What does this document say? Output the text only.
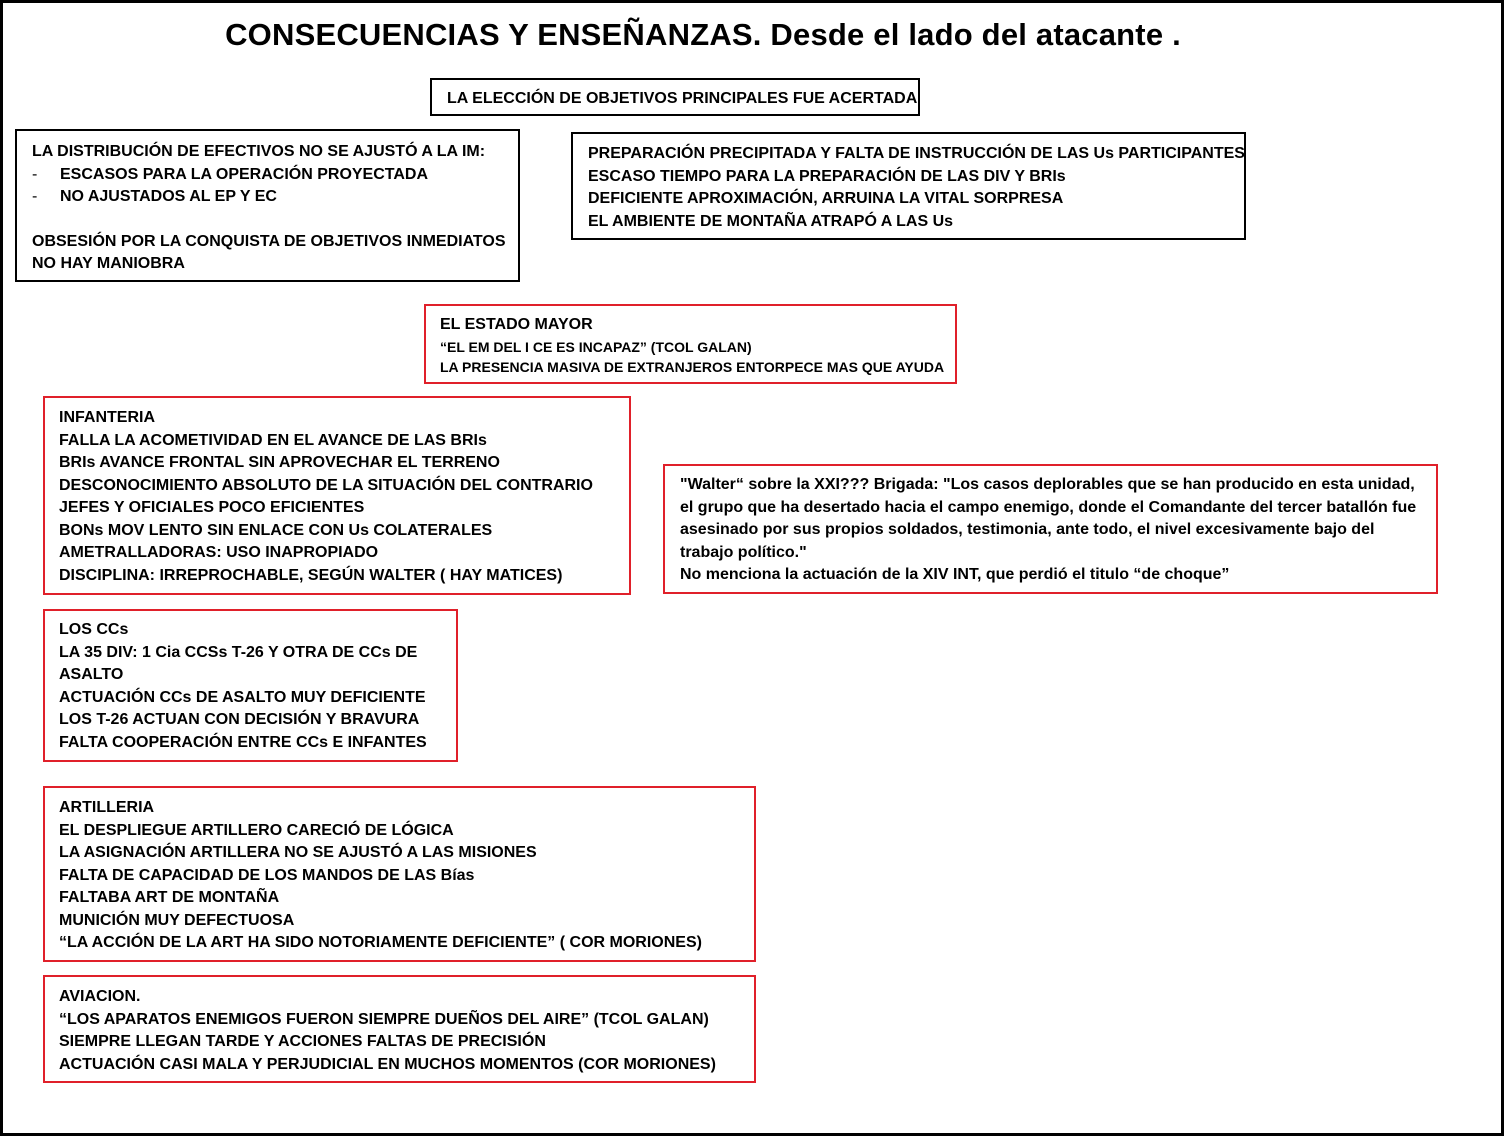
CONSECUENCIAS Y ENSEÑANZAS. Desde el lado del atacante .
LA ELECCIÓN DE OBJETIVOS PRINCIPALES FUE ACERTADA
LA DISTRIBUCIÓN DE EFECTIVOS NO SE AJUSTÓ A LA IM:
-	ESCASOS PARA LA OPERACIÓN PROYECTADA
-	NO AJUSTADOS AL EP Y EC
OBSESIÓN POR LA CONQUISTA DE OBJETIVOS INMEDIATOS
NO HAY MANIOBRA
PREPARACIÓN PRECIPITADA Y FALTA DE INSTRUCCIÓN DE LAS Us PARTICIPANTES
ESCASO TIEMPO PARA LA PREPARACIÓN DE LAS DIV Y BRIs
DEFICIENTE APROXIMACIÓN, ARRUINA LA VITAL SORPRESA
EL AMBIENTE DE MONTAÑA ATRAPÓ A LAS Us
EL ESTADO MAYOR
“EL EM DEL I CE ES INCAPAZ” (TCOL GALAN)
LA PRESENCIA MASIVA DE EXTRANJEROS ENTORPECE MAS QUE AYUDA
INFANTERIA
FALLA LA ACOMETIVIDAD EN EL AVANCE DE LAS BRIs
BRIs AVANCE FRONTAL SIN APROVECHAR EL TERRENO
DESCONOCIMIENTO ABSOLUTO DE LA SITUACIÓN DEL CONTRARIO
JEFES Y OFICIALES POCO EFICIENTES
BONs MOV LENTO SIN ENLACE CON Us COLATERALES
AMETRALLADORAS: USO INAPROPIADO
DISCIPLINA: IRREPROCHABLE, SEGÚN WALTER ( HAY MATICES)
"Walter“ sobre la XXI??? Brigada: "Los casos deplorables que se han producido en esta unidad, el grupo que ha desertado hacia el campo enemigo, donde el Comandante del tercer batallón fue asesinado por sus propios soldados, testimonia, ante todo, el nivel excesivamente bajo del trabajo político."
No menciona la actuación de la XIV INT, que perdió el titulo “de choque”
LOS CCs
LA 35 DIV: 1 Cia CCSs T-26 Y OTRA DE CCs DE
ASALTO
ACTUACIÓN CCs DE ASALTO MUY DEFICIENTE
LOS T-26 ACTUAN CON DECISIÓN Y BRAVURA
FALTA COOPERACIÓN ENTRE CCs E INFANTES
ARTILLERIA
EL DESPLIEGUE ARTILLERO CARECIÓ DE LÓGICA
LA ASIGNACIÓN ARTILLERA NO SE AJUSTÓ A LAS MISIONES
FALTA DE CAPACIDAD DE LOS MANDOS DE LAS Bías
FALTABA ART DE MONTAÑA
MUNICIÓN MUY DEFECTUOSA
“LA ACCIÓN DE LA ART HA SIDO NOTORIAMENTE DEFICIENTE” ( COR MORIONES)
AVIACION.
“LOS APARATOS ENEMIGOS FUERON SIEMPRE DUEÑOS DEL AIRE” (TCOL GALAN)
SIEMPRE LLEGAN TARDE Y ACCIONES FALTAS DE PRECISIÓN
ACTUACIÓN CASI MALA Y PERJUDICIAL EN MUCHOS MOMENTOS (COR MORIONES)
